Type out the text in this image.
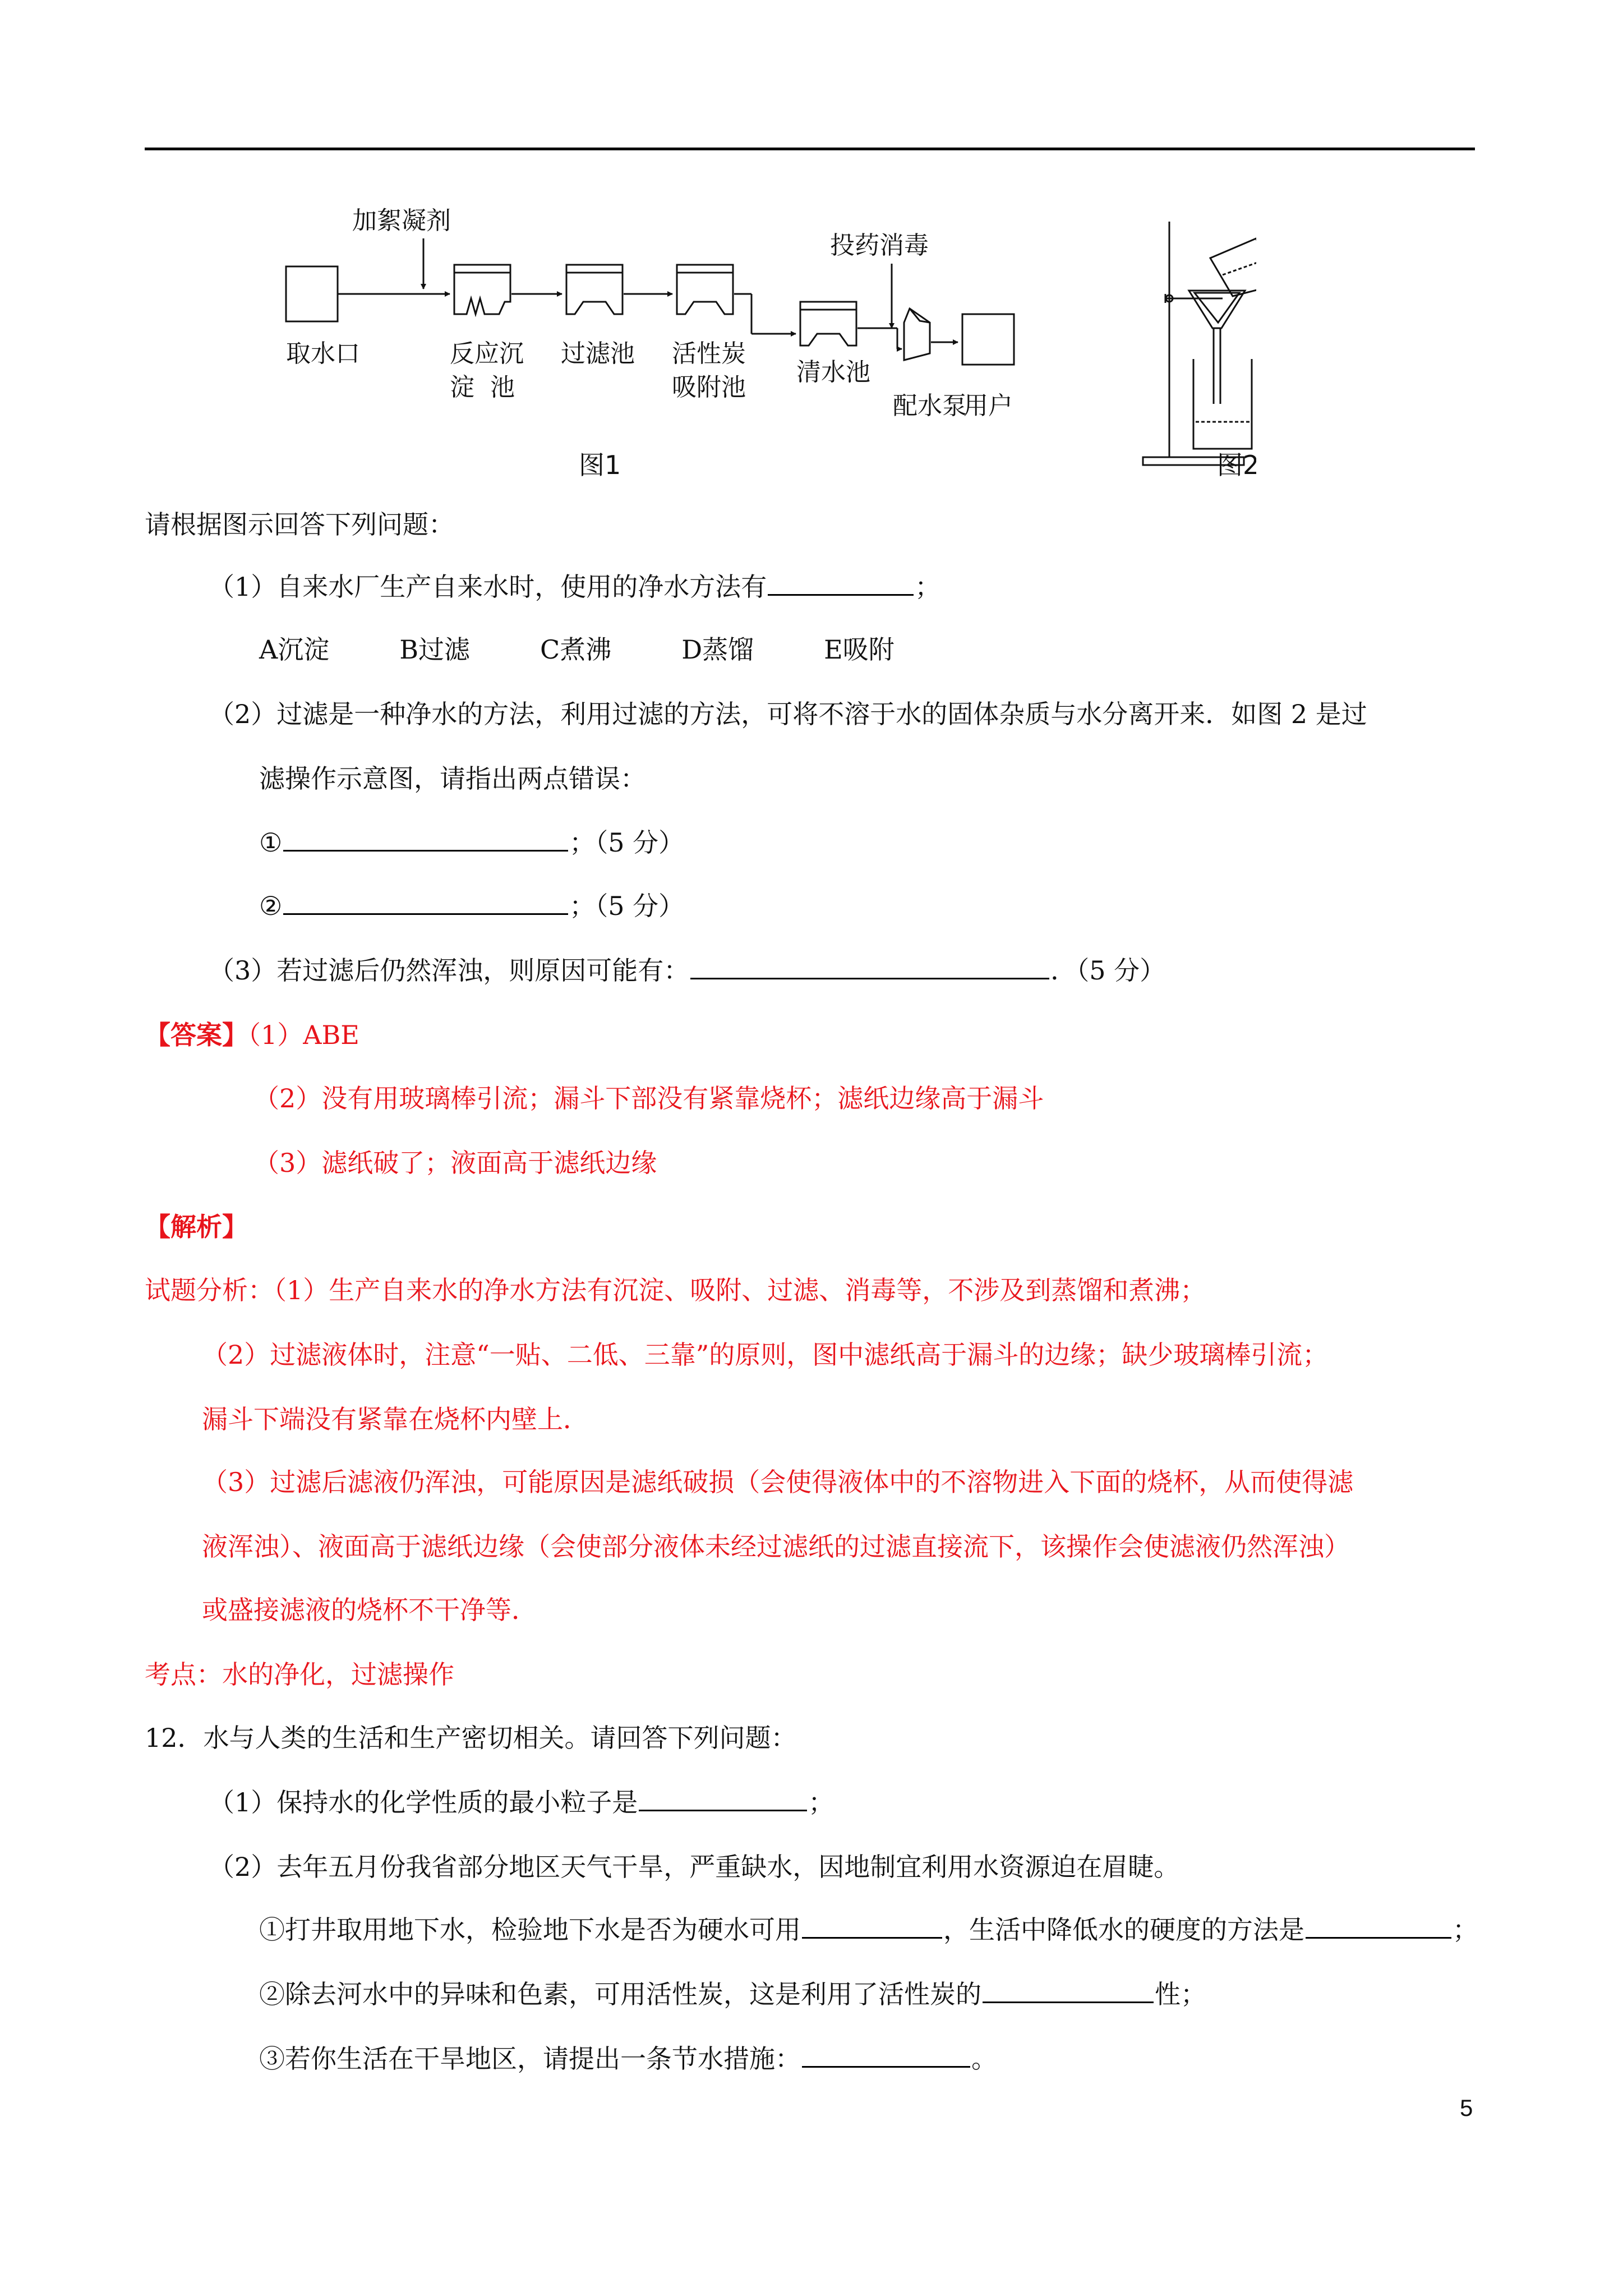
加絮凝剂
投药消毒
取水口	反应沉
淀  池
过滤池 活性炭
吸附池
清水池
配水泵
用户
图1	图2
请根据图示回答下列问题：
（1）自来水厂生产自来水时，使用的净水方法有	；
A沉淀	B过滤	C煮沸	D蒸馏	E吸附
（2）过滤是一种净水的方法，利用过滤的方法，可将不溶于水的固体杂质与水分离开来．如图 2 是过
滤操作示意图，请指出两点错误：
①	；（5 分）
②	；（5 分）
（3）若过滤后仍然浑浊，则原因可能有：	．（5 分）
【答案】（1）ABE
（2）没有用玻璃棒引流；漏斗下部没有紧靠烧杯；滤纸边缘高于漏斗
（3）滤纸破了；液面高于滤纸边缘
【解析】
试题分析：（1）生产自来水的净水方法有沉淀、吸附、过滤、消毒等，不涉及到蒸馏和煮沸；
（2）过滤液体时，注意“一贴、二低、三靠”的原则，图中滤纸高于漏斗的边缘；缺少玻璃棒引流；
漏斗下端没有紧靠在烧杯内壁上．
（3）过滤后滤液仍浑浊，可能原因是滤纸破损（会使得液体中的不溶物进入下面的烧杯，从而使得滤
液浑浊）、液面高于滤纸边缘（会使部分液体未经过滤纸的过滤直接流下，该操作会使滤液仍然浑浊）
或盛接滤液的烧杯不干净等．
考点：水的净化，过滤操作
12．水与人类的生活和生产密切相关。请回答下列问题：
（1）保持水的化学性质的最小粒子是	；
（2）去年五月份我省部分地区天气干旱，严重缺水，因地制宜利用水资源迫在眉睫。
①打井取用地下水，检验地下水是否为硬水可用	，生活中降低水的硬度的方法是	；
②除去河水中的异味和色素，可用活性炭，这是利用了活性炭的	性；
③若你生活在干旱地区，请提出一条节水措施：	。
5
